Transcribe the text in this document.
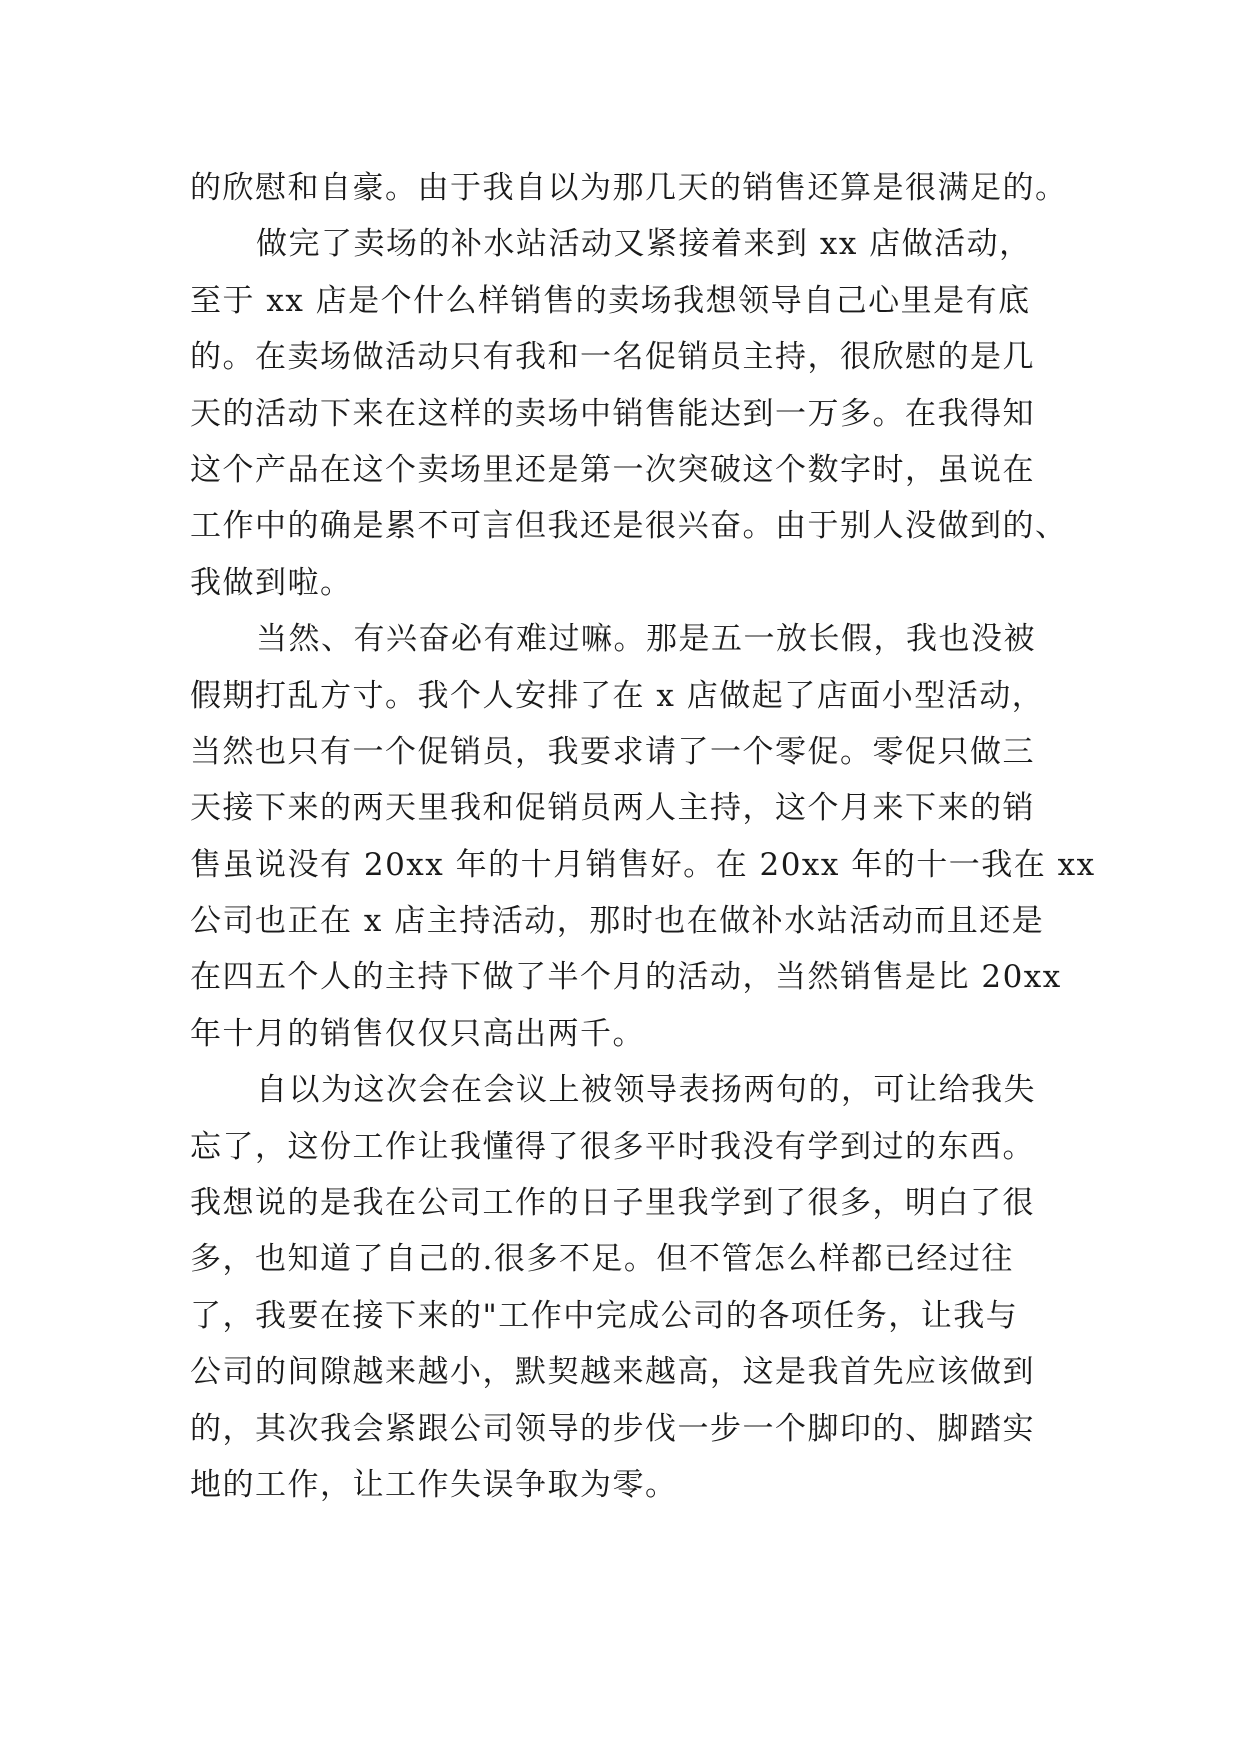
的欣慰和自豪。由于我自以为那几天的销售还算是很满足的。
做完了卖场的补水站活动又紧接着来到 xx 店做活动，
至于 xx 店是个什么样销售的卖场我想领导自己心里是有底
的。在卖场做活动只有我和一名促销员主持，很欣慰的是几
天的活动下来在这样的卖场中销售能达到一万多。在我得知
这个产品在这个卖场里还是第一次突破这个数字时，虽说在
工作中的确是累不可言但我还是很兴奋。由于别人没做到的、
我做到啦。
当然、有兴奋必有难过嘛。那是五一放长假，我也没被
假期打乱方寸。我个人安排了在 x 店做起了店面小型活动，
当然也只有一个促销员，我要求请了一个零促。零促只做三
天接下来的两天里我和促销员两人主持，这个月来下来的销
售虽说没有 20xx 年的十月销售好。在 20xx 年的十一我在 xx
公司也正在 x 店主持活动，那时也在做补水站活动而且还是
在四五个人的主持下做了半个月的活动，当然销售是比 20xx
年十月的销售仅仅只高出两千。
自以为这次会在会议上被领导表扬两句的，可让给我失
忘了，这份工作让我懂得了很多平时我没有学到过的东西。
我想说的是我在公司工作的日子里我学到了很多，明白了很
多，也知道了自己的.很多不足。但不管怎么样都已经过往
了，我要在接下来的"工作中完成公司的各项任务，让我与
公司的间隙越来越小，默契越来越高，这是我首先应该做到
的，其次我会紧跟公司领导的步伐一步一个脚印的、脚踏实
地的工作，让工作失误争取为零。
